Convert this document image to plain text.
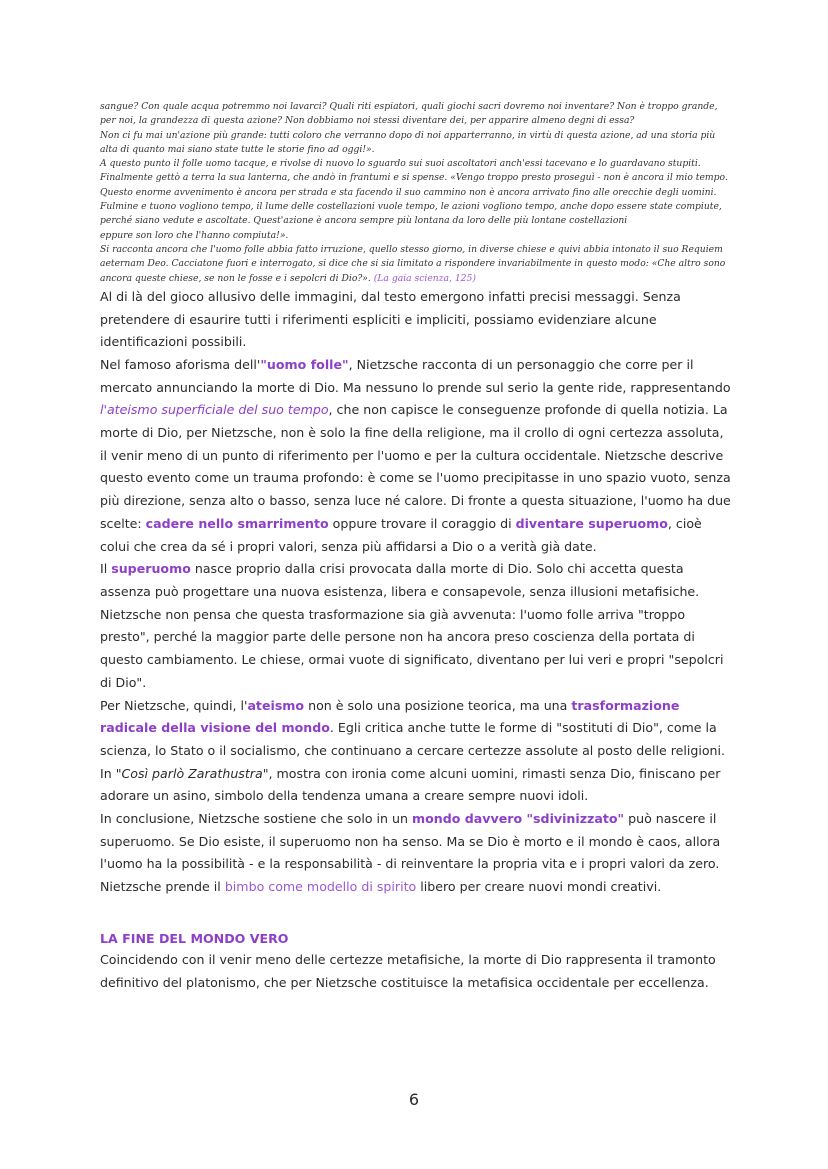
sangue? Con quale acqua potremmo noi lavarci? Quali riti espiatori, quali giochi sacri dovremo noi inventare? Non è troppo grande, per noi, la grandezza di questa azione? Non dobbiamo noi stessi diventare dei, per apparire almeno degni di essa?

Non ci fu mai un'azione più grande: tutti coloro che verranno dopo di noi apparterranno, in virtù di questa azione, ad una storia più alta di quanto mai siano state tutte le storie fino ad oggi!».

A questo punto il folle uomo tacque, e rivolse di nuovo lo sguardo sui suoi ascoltatori anch'essi tacevano e lo guardavano stupiti. Finalmente gettò a terra la sua lanterna, che andò in frantumi e si spense. «Vengo troppo presto proseguì - non è ancora il mio tempo. Questo enorme avvenimento è ancora per strada e sta facendo il suo cammino non è ancora arrivato fino alle orecchie degli uomini. Fulmine e tuono vogliono tempo, il lume delle costellazioni vuole tempo, le azioni vogliono tempo, anche dopo essere state compiute, perché siano vedute e ascoltate. Quest'azione è ancora sempre più lontana da loro delle più lontane costellazioni

eppure son loro che l'hanno compiuta!».

Si racconta ancora che l'uomo folle abbia fatto irruzione, quello stesso giorno, in diverse chiese e quivi abbia intonato il suo Requiem aeternam Deo. Cacciatone fuori e interrogato, si dice che si sia limitato a rispondere invariabilmente in questo modo: «Che altro sono ancora queste chiese, se non le fosse e i sepolcri di Dio?». (La gaia scienza, 125)

Al di là del gioco allusivo delle immagini, dal testo emergono infatti precisi messaggi. Senza pretendere di esaurire tutti i riferimenti espliciti e impliciti, possiamo evidenziare alcune identificazioni possibili.

Nel famoso aforisma dell'"uomo folle", Nietzsche racconta di un personaggio che corre per il mercato annunciando la morte di Dio. Ma nessuno lo prende sul serio la gente ride, rappresentando l'ateismo superficiale del suo tempo, che non capisce le conseguenze profonde di quella notizia. La morte di Dio, per Nietzsche, non è solo la fine della religione, ma il crollo di ogni certezza assoluta, il venir meno di un punto di riferimento per l'uomo e per la cultura occidentale. Nietzsche descrive questo evento come un trauma profondo: è come se l'uomo precipitasse in uno spazio vuoto, senza più direzione, senza alto o basso, senza luce né calore. Di fronte a questa situazione, l'uomo ha due scelte: cadere nello smarrimento oppure trovare il coraggio di diventare superuomo, cioè colui che crea da sé i propri valori, senza più affidarsi a Dio o a verità già date.

Il superuomo nasce proprio dalla crisi provocata dalla morte di Dio. Solo chi accetta questa assenza può progettare una nuova esistenza, libera e consapevole, senza illusioni metafisiche. Nietzsche non pensa che questa trasformazione sia già avvenuta: l'uomo folle arriva "troppo presto", perché la maggior parte delle persone non ha ancora preso coscienza della portata di questo cambiamento. Le chiese, ormai vuote di significato, diventano per lui veri e propri "sepolcri di Dio".

Per Nietzsche, quindi, l'ateismo non è solo una posizione teorica, ma una trasformazione radicale della visione del mondo. Egli critica anche tutte le forme di "sostituti di Dio", come la scienza, lo Stato o il socialismo, che continuano a cercare certezze assolute al posto delle religioni. In "Così parlò Zarathustra", mostra con ironia come alcuni uomini, rimasti senza Dio, finiscano per adorare un asino, simbolo della tendenza umana a creare sempre nuovi idoli.

In conclusione, Nietzsche sostiene che solo in un mondo davvero "sdivinizzato" può nascere il superuomo. Se Dio esiste, il superuomo non ha senso. Ma se Dio è morto e il mondo è caos, allora l'uomo ha la possibilità - e la responsabilità - di reinventare la propria vita e i propri valori da zero.

Nietzsche prende il bimbo come modello di spirito libero per creare nuovi mondi creativi.

LA FINE DEL MONDO VERO

Coincidendo con il venir meno delle certezze metafisiche, la morte di Dio rappresenta il tramonto definitivo del platonismo, che per Nietzsche costituisce la metafisica occidentale per eccellenza.

6
